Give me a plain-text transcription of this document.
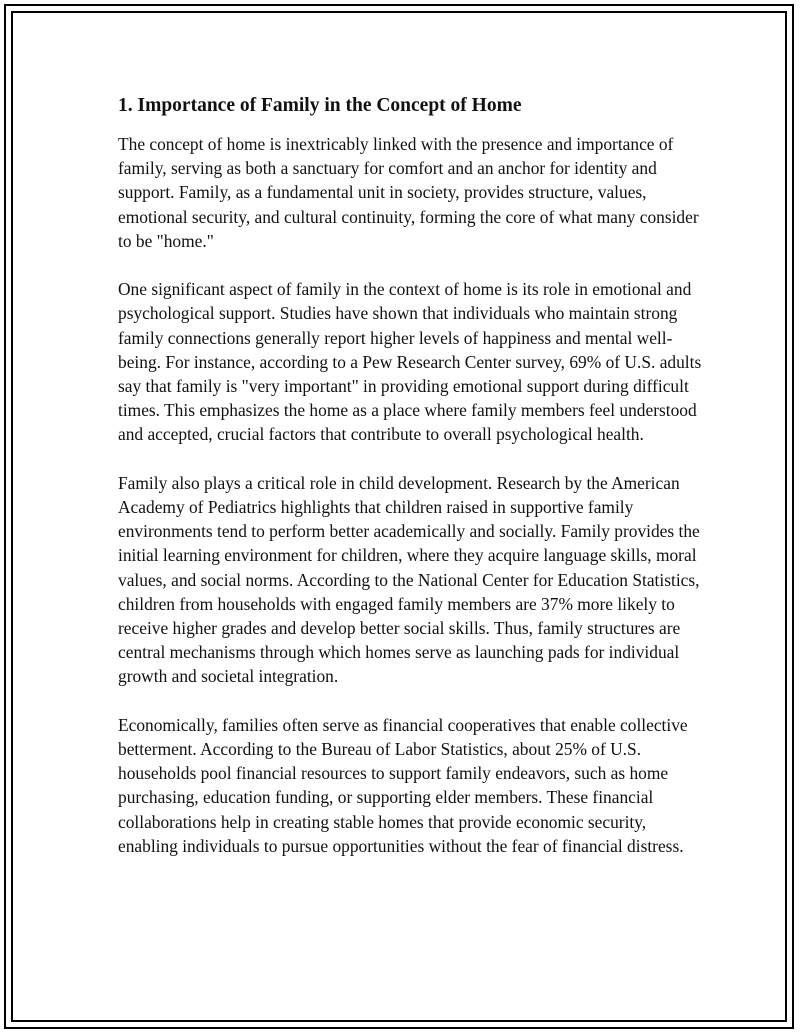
1. Importance of Family in the Concept of Home

The concept of home is inextricably linked with the presence and importance of family, serving as both a sanctuary for comfort and an anchor for identity and support. Family, as a fundamental unit in society, provides structure, values, emotional security, and cultural continuity, forming the core of what many consider to be "home."

One significant aspect of family in the context of home is its role in emotional and psychological support. Studies have shown that individuals who maintain strong family connections generally report higher levels of happiness and mental well-being. For instance, according to a Pew Research Center survey, 69% of U.S. adults say that family is "very important" in providing emotional support during difficult times. This emphasizes the home as a place where family members feel understood and accepted, crucial factors that contribute to overall psychological health.

Family also plays a critical role in child development. Research by the American Academy of Pediatrics highlights that children raised in supportive family environments tend to perform better academically and socially. Family provides the initial learning environment for children, where they acquire language skills, moral values, and social norms. According to the National Center for Education Statistics, children from households with engaged family members are 37% more likely to receive higher grades and develop better social skills. Thus, family structures are central mechanisms through which homes serve as launching pads for individual growth and societal integration.

Economically, families often serve as financial cooperatives that enable collective betterment. According to the Bureau of Labor Statistics, about 25% of U.S. households pool financial resources to support family endeavors, such as home purchasing, education funding, or supporting elder members. These financial collaborations help in creating stable homes that provide economic security, enabling individuals to pursue opportunities without the fear of financial distress.
